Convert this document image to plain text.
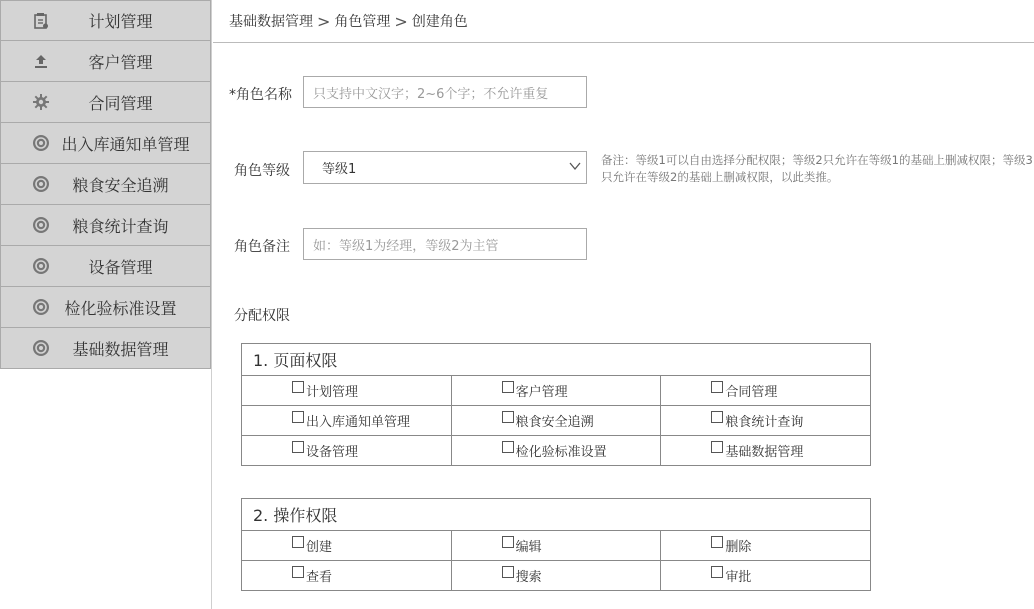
计划管理
客户管理
合同管理
出入库通知单管理
粮食安全追溯
粮食统计查询
设备管理
检化验标准设置
基础数据管理
基础数据管理 > 角色管理 > 创建角色
*角色名称	只支持中文汉字；2~6个字；不允许重复
角色等级 等级1
备注：等级1可以自由选择分配权限；等级2只允许在等级1的基础上删减权限；等级3只允许在等级2的基础上删减权限，以此类推。
角色备注	如：等级1为经理，等级2为主管
分配权限
1. 页面权限		

计划管理	客户管理	合同管理

出入库通知单管理	粮食安全追溯	粮食统计查询

设备管理	检化验标准设置	基础数据管理
2. 操作权限		

创建	编辑	删除

查看	搜索	审批
